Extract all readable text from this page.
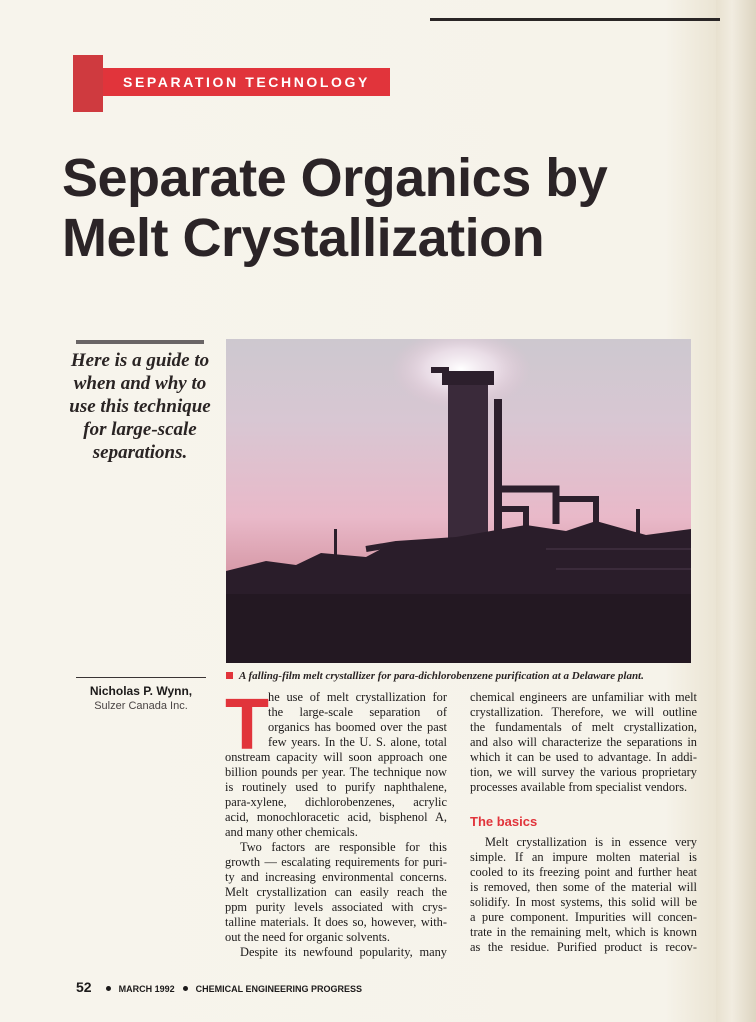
SEPARATION TECHNOLOGY
Separate Organics by
Melt Crystallization
Here is a guide to when and why to use this technique for large-scale separations.
A falling-film melt crystallizer for para-dichlorobenzene purification at a Delaware plant.
Nicholas P. Wynn,
Sulzer Canada Inc. T he use of melt crystallization for
the large-scale separation of
organics has boomed over the past
few years. In the U. S. alone, total
onstream capacity will soon approach one
billion pounds per year. The technique now
is routinely used to purify naphthalene,
para-xylene, dichlorobenzenes, acrylic
acid, monochloracetic acid, bisphenol A,
and many other chemicals.
Two factors are responsible for this
growth — escalating requirements for puri-
ty and increasing environmental concerns.
Melt crystallization can easily reach the
ppm purity levels associated with crys-
talline materials. It does so, however, with-
out the need for organic solvents.
Despite its newfound popularity, many
chemical engineers are unfamiliar with melt
crystallization. Therefore, we will outline
the fundamentals of melt crystallization,
and also will characterize the separations in
which it can be used to advantage. In addi-
tion, we will survey the various proprietary
processes available from specialist vendors.
The basics
Melt crystallization is in essence very
simple. If an impure molten material is
cooled to its freezing point and further heat
is removed, then some of the material will
solidify. In most systems, this solid will be
a pure component. Impurities will concen-
trate in the remaining melt, which is known
as the residue. Purified product is recov-
52	MARCH 1992 CHEMICAL ENGINEERING PROGRESS
